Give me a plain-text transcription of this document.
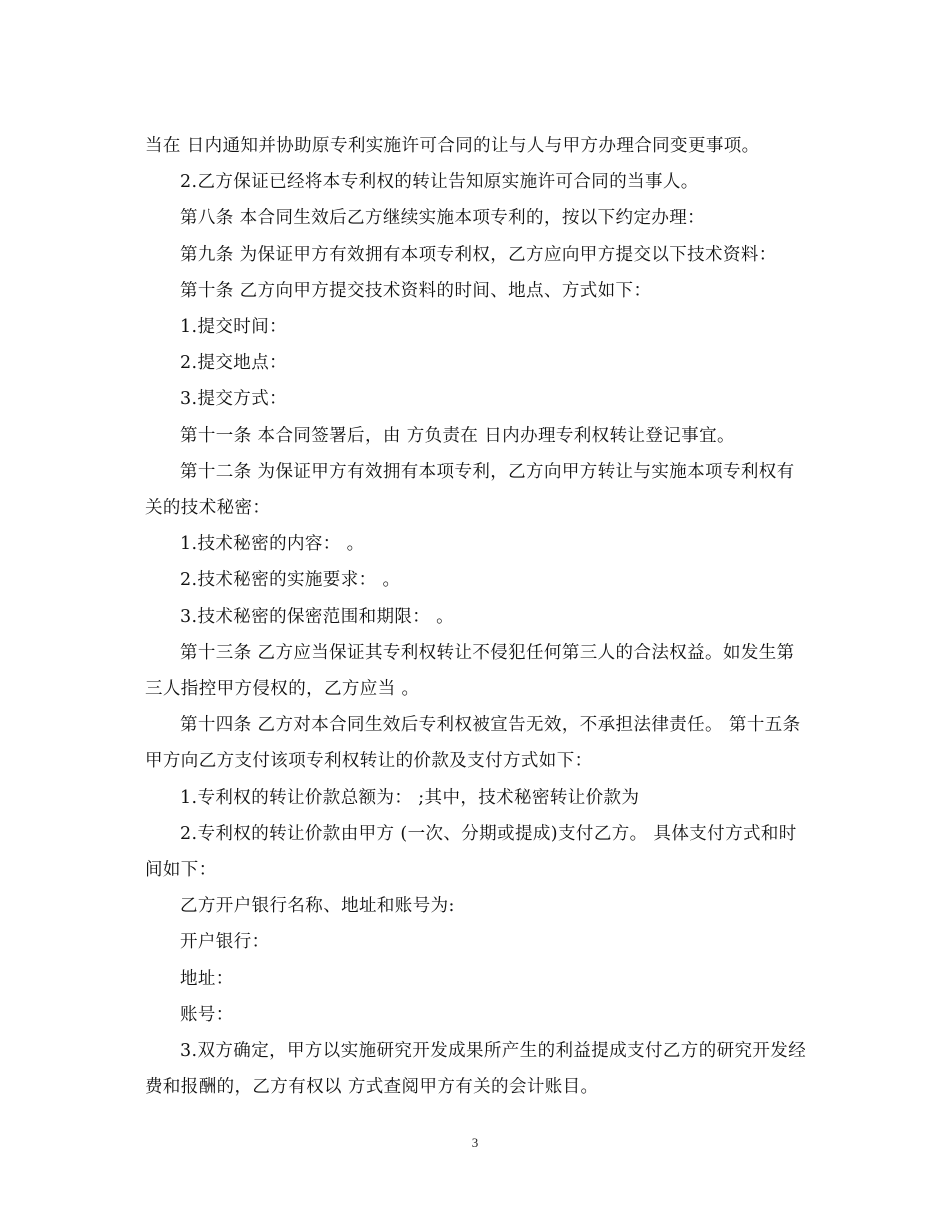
当在 日内通知并协助原专利实施许可合同的让与人与甲方办理合同变更事项。

2.乙方保证已经将本专利权的转让告知原实施许可合同的当事人。

第八条 本合同生效后乙方继续实施本项专利的，按以下约定办理：

第九条 为保证甲方有效拥有本项专利权，乙方应向甲方提交以下技术资料：

第十条 乙方向甲方提交技术资料的时间、地点、方式如下：

1.提交时间：

2.提交地点：

3.提交方式：

第十一条 本合同签署后，由 方负责在 日内办理专利权转让登记事宜。

第十二条 为保证甲方有效拥有本项专利，乙方向甲方转让与实施本项专利权有关的技术秘密：

1.技术秘密的内容： 。

2.技术秘密的实施要求： 。

3.技术秘密的保密范围和期限： 。

第十三条 乙方应当保证其专利权转让不侵犯任何第三人的合法权益。如发生第三人指控甲方侵权的，乙方应当 。

第十四条 乙方对本合同生效后专利权被宣告无效，不承担法律责任。 第十五条 甲方向乙方支付该项专利权转让的价款及支付方式如下：

1.专利权的转让价款总额为： ;其中，技术秘密转让价款为

2.专利权的转让价款由甲方 (一次、分期或提成)支付乙方。 具体支付方式和时间如下：

乙方开户银行名称、地址和账号为:

开户银行：

地址：

账号：

3.双方确定，甲方以实施研究开发成果所产生的利益提成支付乙方的研究开发经费和报酬的，乙方有权以 方式查阅甲方有关的会计账目。

3
